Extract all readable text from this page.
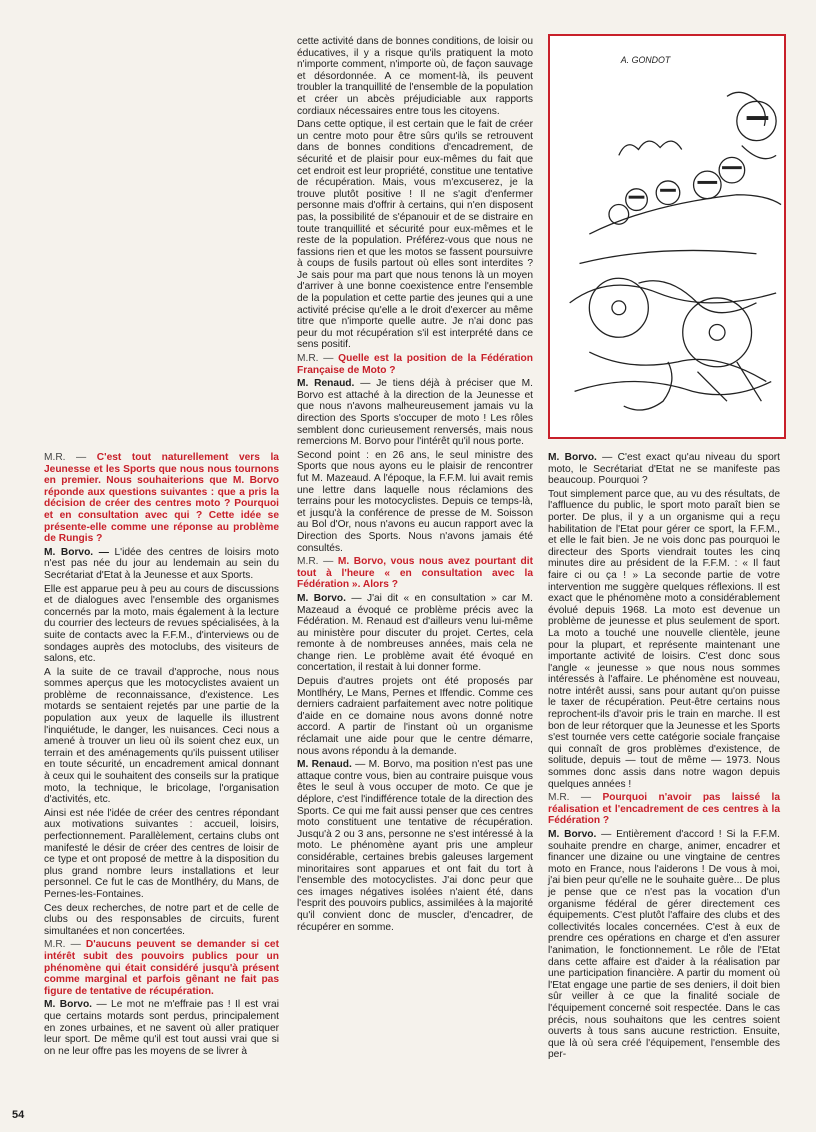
M.R. — C'est tout naturellement vers la Jeunesse et les Sports que nous nous tournons en premier. Nous souhaiterions que M. Borvo réponde aux questions suivantes : que a pris la décision de créer des centres moto ? Pourquoi et en consultation avec qui ? Cette idée se présente-elle comme une réponse au problème de Rungis ?

M. Borvo. — L'idée des centres de loisirs moto n'est pas née du jour au lendemain au sein du Secrétariat d'Etat à la Jeunesse et aux Sports.

Elle est apparue peu à peu au cours de discussions et de dialogues avec l'ensemble des organismes concernés par la moto, mais également à la lecture du courrier des lecteurs de revues spécialisées, à la suite de contacts avec la F.F.M., d'interviews ou de sondages auprès des motoclubs, des visiteurs de salons, etc.

A la suite de ce travail d'approche, nous nous sommes aperçus que les motocyclistes avaient un problème de reconnaissance, d'existence. Les motards se sentaient rejetés par une partie de la population aux yeux de laquelle ils illustrent l'inquiétude, le danger, les nuisances. Ceci nous a amené à trouver un lieu où ils soient chez eux, un terrain et des aménagements qu'ils puissent utiliser en toute sécurité, un encadrement amical donnant à ceux qui le souhaitent des conseils sur la pratique moto, la technique, le bricolage, l'organisation d'activités, etc.

Ainsi est née l'idée de créer des centres répondant aux motivations suivantes : accueil, loisirs, perfectionnement. Parallèlement, certains clubs ont manifesté le désir de créer des centres de loisir de ce type et ont proposé de mettre à la disposition du plus grand nombre leurs installations et leur personnel. Ce fut le cas de Montlhéry, du Mans, de Pernes-les-Fontaines.

Ces deux recherches, de notre part et de celle de clubs ou des responsables de circuits, furent simultanées et non concertées.

M.R. — D'aucuns peuvent se demander si cet intérêt subit des pouvoirs publics pour un phénomène qui était considéré jusqu'à présent comme marginal et parfois gênant ne fait pas figure de tentative de récupération.

M. Borvo. — Le mot ne m'effraie pas ! Il est vrai que certains motards sont perdus, principalement en zones urbaines, et ne savent où aller pratiquer leur sport. De même qu'il est tout aussi vrai que si on ne leur offre pas les moyens de se livrer à

cette activité dans de bonnes conditions, de loisir ou éducatives, il y a risque qu'ils pratiquent la moto n'importe comment, n'importe où, de façon sauvage et désordonnée. A ce moment-là, ils peuvent troubler la tranquillité de l'ensemble de la population et créer un abcès préjudiciable aux rapports cordiaux nécessaires entre tous les citoyens.

Dans cette optique, il est certain que le fait de créer un centre moto pour être sûrs qu'ils se retrouvent dans de bonnes conditions d'encadrement, de sécurité et de plaisir pour eux-mêmes du fait que cet endroit est leur propriété, constitue une tentative de récupération. Mais, vous m'excuserez, je la trouve plutôt positive ! Il ne s'agit d'enfermer personne mais d'offrir à certains, qui n'en disposent pas, la possibilité de s'épanouir et de se distraire en toute tranquillité et sécurité pour eux-mêmes et le reste de la population. Préférez-vous que nous ne fassions rien et que les motos se fassent poursuivre à coups de fusils partout où elles sont interdites ? Je sais pour ma part que nous tenons là un moyen d'arriver à une bonne coexistence entre l'ensemble de la population et cette partie des jeunes qui a une activité précise qu'elle a le droit d'exercer au même titre que n'importe quelle autre. Je n'ai donc pas peur du mot récupération s'il est interprété dans ce sens positif.

M.R. — Quelle est la position de la Fédération Française de Moto ?

M. Renaud. — Je tiens déjà à préciser que M. Borvo est attaché à la direction de la Jeunesse et que nous n'avons malheureusement jamais vu la direction des Sports s'occuper de moto ! Les rôles semblent donc curieusement renversés, mais nous remercions M. Borvo pour l'intérêt qu'il nous porte.

Second point : en 26 ans, le seul ministre des Sports que nous ayons eu le plaisir de rencontrer fut M. Mazeaud. A l'époque, la F.F.M. lui avait remis une lettre dans laquelle nous réclamions des terrains pour les motocyclistes. Depuis ce temps-là, et jusqu'à la conférence de presse de M. Soisson au Bol d'Or, nous n'avons eu aucun rapport avec la Direction des Sports. Nous n'avons jamais été consultés.

M.R. — M. Borvo, vous nous avez pourtant dit tout à l'heure « en consultation avec la Fédération ». Alors ?

M. Borvo. — J'ai dit « en consultation » car M. Mazeaud a évoqué ce problème précis avec la Fédération. M. Renaud est d'ailleurs venu lui-même au ministère pour discuter du projet. Certes, cela remonte à de nombreuses années, mais cela ne change rien. Le problème avait été évoqué en concertation, il restait à lui donner forme.

Depuis d'autres projets ont été proposés par Montlhéry, Le Mans, Pernes et Iffendic. Comme ces derniers cadraient parfaitement avec notre politique d'aide en ce domaine nous avons donné notre accord. A partir de l'instant où un organisme réclamait une aide pour que le centre démarre, nous avons répondu à la demande.

M. Renaud. — M. Borvo, ma position n'est pas une attaque contre vous, bien au contraire puisque vous êtes le seul à vous occuper de moto. Ce que je déplore, c'est l'indifférence totale de la direction des Sports. Ce qui me fait aussi penser que ces centres moto constituent une tentative de récupération. Jusqu'à 2 ou 3 ans, personne ne s'est intéressé à la moto. Le phénomène ayant pris une ampleur considérable, certaines brebis galeuses largement minoritaires sont apparues et ont fait du tort à l'ensemble des motocyclistes. J'ai donc peur que ces images négatives isolées n'aient été, dans l'esprit des pouvoirs publics, assimilées à la majorité qu'il convient donc de muscler, d'encadrer, de récupérer en somme.

A. GONDOT

M. Borvo. — C'est exact qu'au niveau du sport moto, le Secrétariat d'Etat ne se manifeste pas beaucoup. Pourquoi ?

Tout simplement parce que, au vu des résultats, de l'affluence du public, le sport moto paraît bien se porter. De plus, il y a un organisme qui a reçu habilitation de l'Etat pour gérer ce sport, la F.F.M., et elle le fait bien. Je ne vois donc pas pourquoi le directeur des Sports viendrait toutes les cinq minutes dire au président de la F.F.M. : « Il faut faire ci ou ça ! » La seconde partie de votre intervention me suggère quelques réflexions. Il est exact que le phénomène moto a considérablement évolué depuis 1968. La moto est devenue un problème de jeunesse et plus seulement de sport. La moto a touché une nouvelle clientèle, jeune pour la plupart, et représente maintenant une importante activité de loisirs. C'est donc sous l'angle « jeunesse » que nous nous sommes intéressés à l'affaire. Le phénomène est nouveau, notre intérêt aussi, sans pour autant qu'on puisse le taxer de récupération. Peut-être certains nous reprochent-ils d'avoir pris le train en marche. Il est bon de leur rétorquer que la Jeunesse et les Sports s'est tournée vers cette catégorie sociale française qui connaît de gros problèmes d'existence, de solitude, depuis — tout de même — 1973. Nous sommes donc assis dans notre wagon depuis quelques années !

M.R. — Pourquoi n'avoir pas laissé la réalisation et l'encadrement de ces centres à la Fédération ?

M. Borvo. — Entièrement d'accord ! Si la F.F.M. souhaite prendre en charge, animer, encadrer et financer une dizaine ou une vingtaine de centres moto en France, nous l'aiderons ! De vous à moi, j'ai bien peur qu'elle ne le souhaite guère... De plus je pense que ce n'est pas la vocation d'un organisme fédéral de gérer directement ces équipements. C'est plutôt l'affaire des clubs et des collectivités locales concernées. C'est à eux de prendre ces opérations en charge et d'en assurer l'animation, le fonctionnement. Le rôle de l'Etat dans cette affaire est d'aider à la réalisation par une participation financière. A partir du moment où l'Etat engage une partie de ses deniers, il doit bien sûr veiller à ce que la finalité sociale de l'équipement concerné soit respectée. Dans le cas précis, nous souhaitons que les centres soient ouverts à tous sans aucune restriction. Ensuite, que là où sera créé l'équipement, l'ensemble des per-

54
